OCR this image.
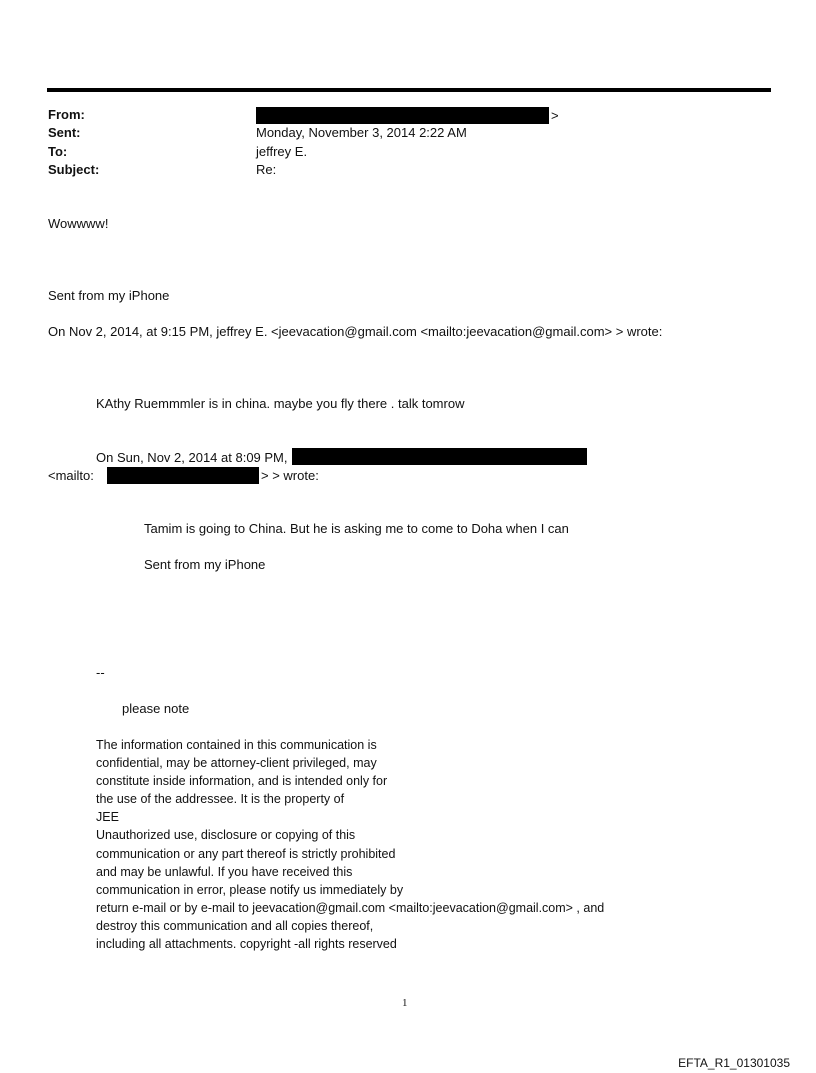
From:	>
Sent:	Monday, November 3, 2014 2:22 AM
To:	jeffrey E.
Subject:	Re:
Wowwww!
Sent from my iPhone
On Nov 2, 2014, at 9:15 PM, jeffrey E. <jeevacation@gmail.com <mailto:jeevacation@gmail.com> > wrote:
KAthy Ruemmmler is in china. maybe you fly there . talk tomrow
On Sun, Nov 2, 2014 at 8:09 PM,
<mailto:	> > wrote:
Tamim is going to China. But he is asking me to come to Doha when I can
Sent from my iPhone
--
please note
The information contained in this communication is
confidential, may be attorney-client privileged, may
constitute inside information, and is intended only for
the use of the addressee. It is the property of
JEE
Unauthorized use, disclosure or copying of this
communication or any part thereof is strictly prohibited
and may be unlawful. If you have received this
communication in error, please notify us immediately by
return e-mail or by e-mail to jeevacation@gmail.com <mailto:jeevacation@gmail.com> , and
destroy this communication and all copies thereof,
including all attachments. copyright -all rights reserved
1
EFTA_R1_01301035
